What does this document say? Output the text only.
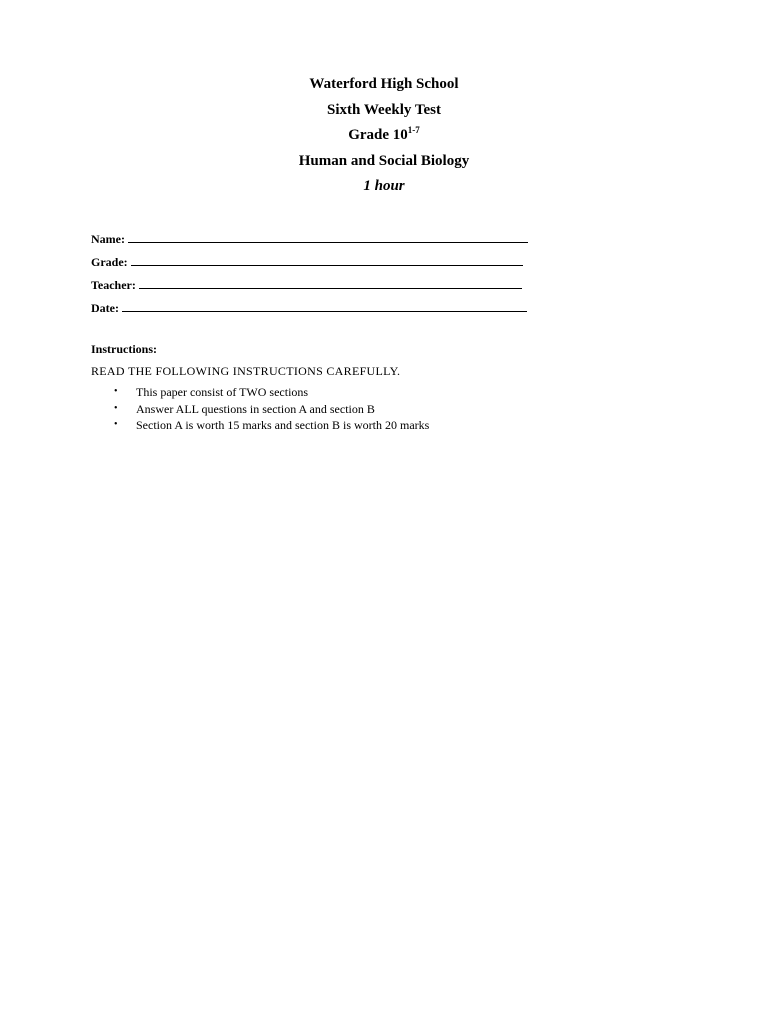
Waterford High School
Sixth Weekly Test
Grade 10$^{1-7}$
Human and Social Biology
1 hour
Name:
Grade:
Teacher:
Date:
Instructions:
READ THE FOLLOWING INSTRUCTIONS CAREFULLY.
• This paper consist of TWO sections
• Answer ALL questions in section A and section B
• Section A is worth 15 marks and section B is worth 20 marks
